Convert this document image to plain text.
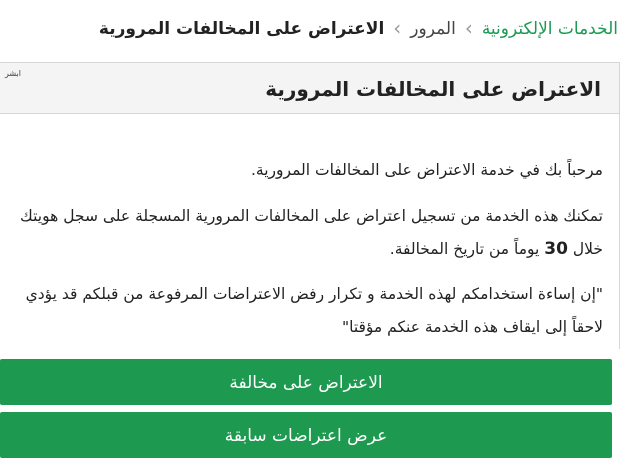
الخدمات الإلكترونية
›
المرور
›
الاعتراض على المخالفات المرورية
الاعتراض على المخالفات المرورية
ابشر

مرحباً بك في خدمة الاعتراض على المخالفات المرورية.

تمكنك هذه الخدمة من تسجيل اعتراض على المخالفات المرورية المسجلة على سجل هويتك خلال 30 يوماً من تاريخ المخالفة.

"إن إساءة استخدامكم لهذه الخدمة و تكرار رفض الاعتراضات المرفوعة من قبلكم قد يؤدي لاحقاً إلى ايقاف هذه الخدمة عنكم مؤقتا"

الاعتراض على مخالفة
عرض اعتراضات سابقة
